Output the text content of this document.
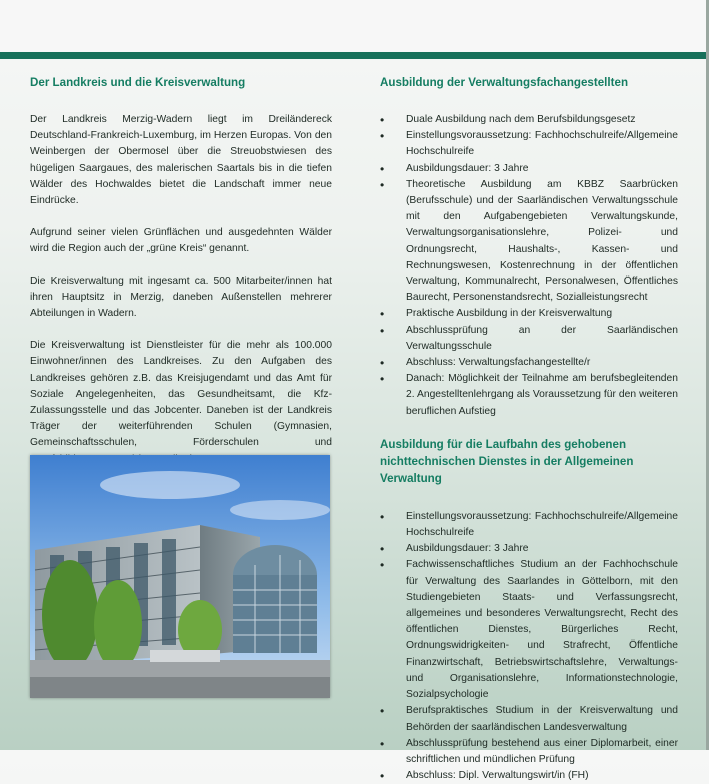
Der Landkreis und die Kreisverwaltung

Der Landkreis Merzig-Wadern liegt im Dreiländereck Deutschland-Frankreich-Luxemburg, im Herzen Europas. Von den Weinbergen der Obermosel über die Streuobstwiesen des hügeligen Saargaues, des malerischen Saartals bis in die tiefen Wälder des Hochwaldes bietet die Landschaft immer neue Eindrücke.

Aufgrund seiner vielen Grünflächen und ausgedehnten Wälder wird die Region auch der „grüne Kreis“ genannt.

Die Kreisverwaltung mit ingesamt ca. 500 Mitarbeiter/innen hat ihren Hauptsitz in Merzig, daneben Außenstellen mehrerer Abteilungen in Wadern.

Die Kreisverwaltung ist Dienstleister für die mehr als 100.000 Einwohner/innen des Landkreises. Zu den Aufgaben des Landkreises gehören z.B. das Kreisjugendamt und das Amt für Soziale Angelegenheiten, das Gesundheitsamt, die Kfz-Zulassungsstelle und das Jobcenter. Daneben ist der Landkreis Träger der weiterführenden Schulen (Gymnasien, Gemeinschaftsschulen, Förderschulen und

Ausbildung der Verwaltungsfachangestellten
• Duale Ausbildung nach dem Berufsbildungsgesetz
• Einstellungsvoraussetzung: Fachhochschulreife/Allgemeine Hochschulreife
• Ausbildungsdauer: 3 Jahre
• Theoretische Ausbildung am KBBZ Saarbrücken (Berufsschule) und der Saarländischen Verwaltungsschule mit den Aufgabengebieten Verwaltungskunde, Verwaltungsorganisationslehre, Polizei- und Ordnungsrecht, Haushalts-, Kassen- und Rechnungswesen, Kostenrechnung in der öffentlichen Verwaltung, Kommunalrecht, Personalwesen, Öffentliches Baurecht, Personenstandsrecht, Sozialleistungsrecht
• Praktische Ausbildung in der Kreisverwaltung
• Abschlussprüfung an der Saarländischen Verwaltungsschule
• Abschluss: Verwaltungsfachangestellte/r
• Danach: Möglichkeit der Teilnahme am berufsbegleitenden 2. Angestelltenlehrgang als Voraussetzung für den weiteren beruflichen Aufstieg
Ausbildung für die Laufbahn des gehobenen nichttechnischen Dienstes in der Allgemeinen Verwaltung
• Einstellungsvoraussetzung: Fachhochschulreife/Allgemeine Hochschulreife
• Ausbildungsdauer: 3 Jahre
• Fachwissenschaftliches Studium an der Fachhochschule für Verwaltung des Saarlandes in Göttelborn, mit den Studiengebieten Staats- und Verfassungsrecht, allgemeines und besonderes Verwaltungsrecht, Recht des öffentlichen Dienstes, Bürgerliches Recht, Ordnungswidrigkeiten- und Strafrecht, Öffentliche Finanzwirtschaft, Betriebswirtschaftslehre, Verwaltungs- und Organisationslehre, Informationstechnologie, Sozialpsychologie
• Berufspraktisches Studium in der Kreisverwaltung und Behörden der saarländischen Landesverwaltung
• Abschlussprüfung bestehend aus einer Diplomarbeit, einer schriftlichen und mündlichen Prüfung
• Abschluss: Dipl. Verwaltungswirt/in (FH)
